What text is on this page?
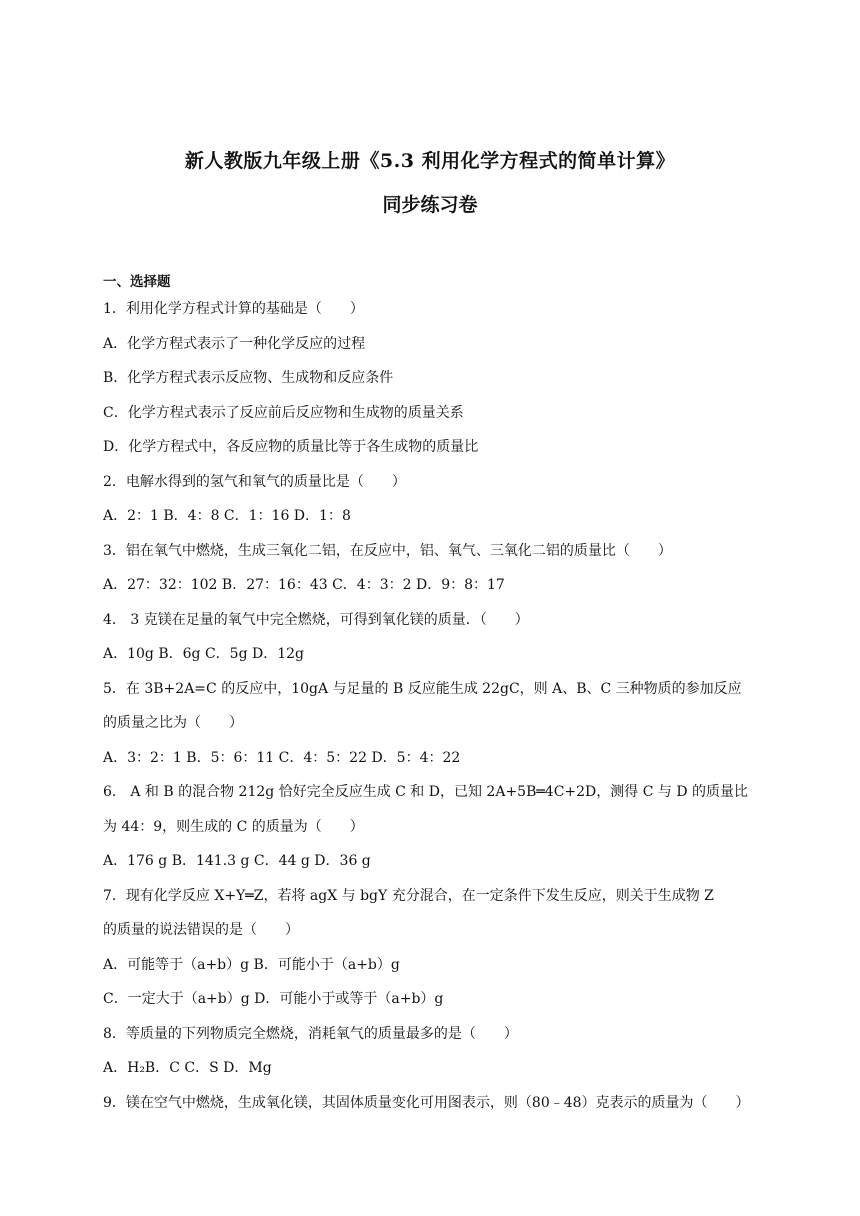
新人教版九年级上册《5.3 利用化学方程式的简单计算》
同步练习卷
一、选择题
1．利用化学方程式计算的基础是（　　）
A．化学方程式表示了一种化学反应的过程
B．化学方程式表示反应物、生成物和反应条件
C．化学方程式表示了反应前后反应物和生成物的质量关系
D．化学方程式中，各反应物的质量比等于各生成物的质量比
2．电解水得到的氢气和氧气的质量比是（　　）
A．2：1 B．4：8 C．1：16 D．1：8
3．铝在氧气中燃烧，生成三氧化二铝，在反应中，铝、氧气、三氧化二铝的质量比（　　）
A．27：32：102 B．27：16：43 C．4：3：2 D．9：8：17
4． 3 克镁在足量的氧气中完全燃烧，可得到氧化镁的质量．（　　）
A．10g B．6g C．5g D．12g
5．在 3B+2A=C 的反应中，10gA 与足量的 B 反应能生成 22gC，则 A、B、C 三种物质的参加反应
的质量之比为（　　）
A．3：2：1 B．5：6：11 C．4：5：22 D．5：4：22
6． A 和 B 的混合物 212g 恰好完全反应生成 C 和 D，已知 2A+5B═4C+2D，测得 C 与 D 的质量比
为 44：9，则生成的 C 的质量为（　　）
A．176 g B．141.3 g C．44 g D．36 g
7．现有化学反应 X+Y═Z，若将 agX 与 bgY 充分混合，在一定条件下发生反应，则关于生成物 Z
的质量的说法错误的是（　　）
A．可能等于（a+b）g B．可能小于（a+b）g
C．一定大于（a+b）g D．可能小于或等于（a+b）g
8．等质量的下列物质完全燃烧，消耗氧气的质量最多的是（　　）
A．H₂B．C C．S D．Mg
9．镁在空气中燃烧，生成氧化镁，其固体质量变化可用图表示，则（80﹣48）克表示的质量为（　　）
